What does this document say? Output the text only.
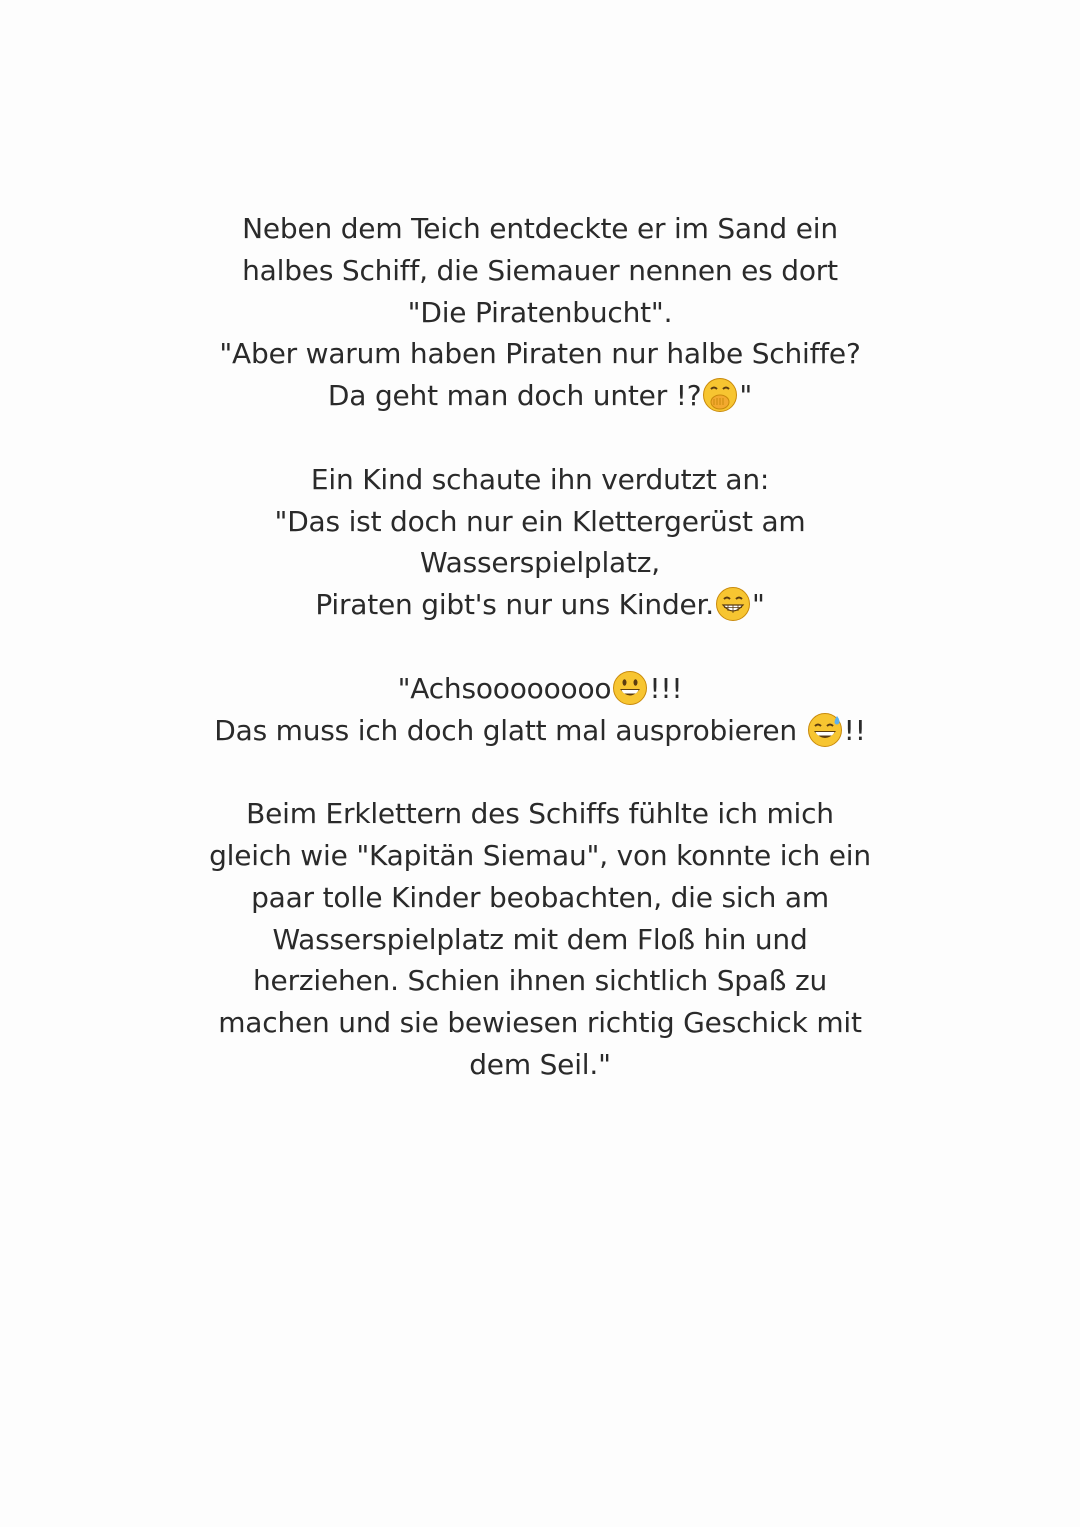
Neben dem Teich entdeckte er im Sand ein
halbes Schiff, die Siemauer nennen es dort
"Die Piratenbucht".
"Aber warum haben Piraten nur halbe Schiffe?
Da geht man doch unter !? "
Ein Kind schaute ihn verdutzt an:
"Das ist doch nur ein Klettergerüst am
Wasserspielplatz,
Piraten gibt's nur uns Kinder. "
"Achsoooooooo !!!
Das muss ich doch glatt mal ausprobieren !!
Beim Erklettern des Schiffs fühlte ich mich
gleich wie "Kapitän Siemau", von konnte ich ein
paar tolle Kinder beobachten, die sich am
Wasserspielplatz mit dem Floß hin und
herziehen. Schien ihnen sichtlich Spaß zu
machen und sie bewiesen richtig Geschick mit
dem Seil."
